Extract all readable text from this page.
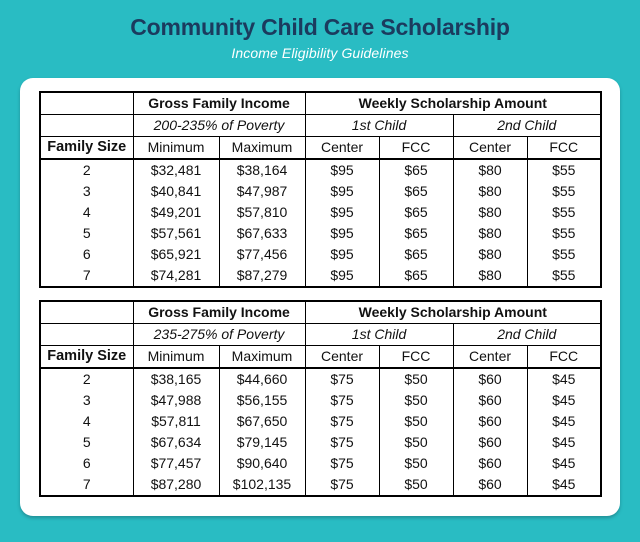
Community Child Care Scholarship

Income Eligibility Guidelines

	Gross Family Income		Weekly Scholarship Amount			
	200-235% of Poverty		1st Child		2nd Child	
Family Size	Minimum	Maximum	Center	FCC	Center	FCC
2	$32,481	$38,164	$95	$65	$80	$55
3	$40,841	$47,987	$95	$65	$80	$55
4	$49,201	$57,810	$95	$65	$80	$55
5	$57,561	$67,633	$95	$65	$80	$55
6	$65,921	$77,456	$95	$65	$80	$55
7	$74,281	$87,279	$95	$65	$80	$55
	Gross Family Income		Weekly Scholarship Amount			
	235-275% of Poverty		1st Child		2nd Child	
Family Size	Minimum	Maximum	Center	FCC	Center	FCC
2	$38,165	$44,660	$75	$50	$60	$45
3	$47,988	$56,155	$75	$50	$60	$45
4	$57,811	$67,650	$75	$50	$60	$45
5	$67,634	$79,145	$75	$50	$60	$45
6	$77,457	$90,640	$75	$50	$60	$45
7	$87,280	$102,135	$75	$50	$60	$45
